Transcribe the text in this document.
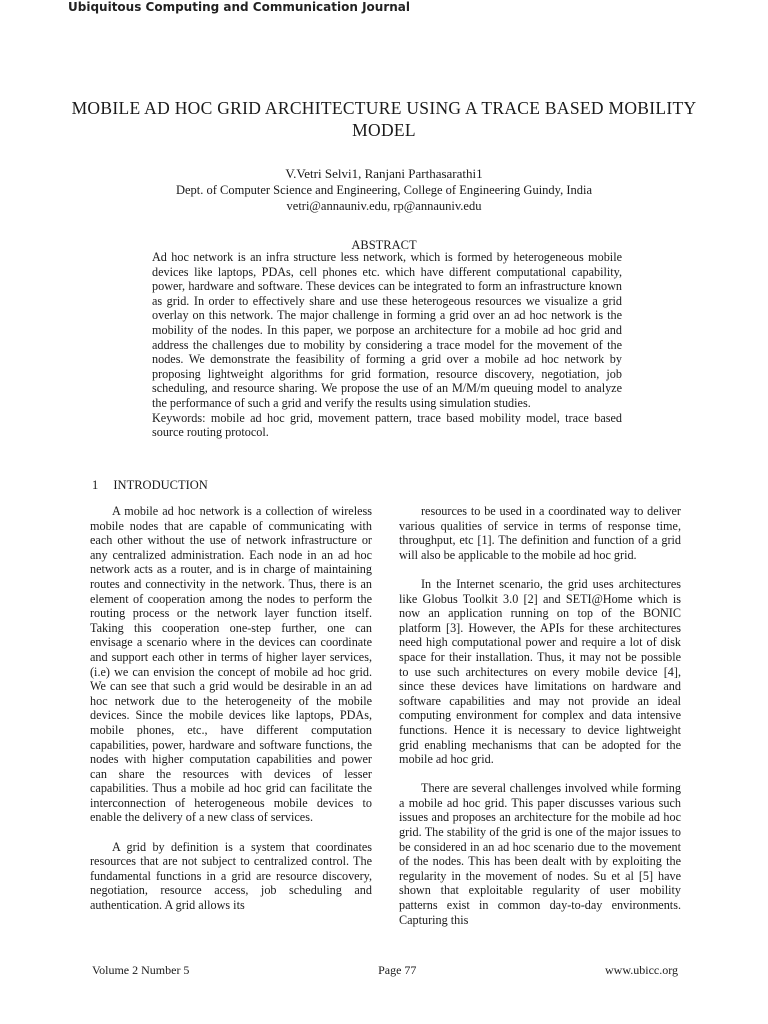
Ubiquitous Computing and Communication Journal
MOBILE AD HOC GRID ARCHITECTURE USING A TRACE BASED MOBILITY MODEL
V.Vetri Selvi1, Ranjani Parthasarathi1
Dept. of Computer Science and Engineering, College of Engineering Guindy, India
vetri@annauniv.edu, rp@annauniv.edu
ABSTRACT

Ad hoc network is an infra structure less network, which is formed by heterogeneous mobile devices like laptops, PDAs, cell phones etc. which have different computational capability, power, hardware and software. These devices can be integrated to form an infrastructure known as grid. In order to effectively share and use these heterogeous resources we visualize a grid overlay on this network. The major challenge in forming a grid over an ad hoc network is the mobility of the nodes. In this paper, we porpose an architecture for a mobile ad hoc grid and address the challenges due to mobility by considering a trace model for the movement of the nodes. We demonstrate the feasibility of forming a grid over a mobile ad hoc network by proposing lightweight algorithms for grid formation, resource discovery, negotiation, job scheduling, and resource sharing. We propose the use of an M/M/m queuing model to analyze the performance of such a grid and verify the results using simulation studies.

Keywords: mobile ad hoc grid, movement pattern, trace based mobility model, trace based source routing protocol.

1 INTRODUCTION

A mobile ad hoc network is a collection of wireless mobile nodes that are capable of communicating with each other without the use of network infrastructure or any centralized administration. Each node in an ad hoc network acts as a router, and is in charge of maintaining routes and connectivity in the network. Thus, there is an element of cooperation among the nodes to perform the routing process or the network layer function itself. Taking this cooperation one-step further, one can envisage a scenario where in the devices can coordinate and support each other in terms of higher layer services, (i.e) we can envision the concept of mobile ad hoc grid. We can see that such a grid would be desirable in an ad hoc network due to the heterogeneity of the mobile devices. Since the mobile devices like laptops, PDAs, mobile phones, etc., have different computation capabilities, power, hardware and software functions, the nodes with higher computation capabilities and power can share the resources with devices of lesser capabilities. Thus a mobile ad hoc grid can facilitate the interconnection of heterogeneous mobile devices to enable the delivery of a new class of services.

A grid by definition is a system that coordinates resources that are not subject to centralized control. The fundamental functions in a grid are resource discovery, negotiation, resource access, job scheduling and authentication. A grid allows its

resources to be used in a coordinated way to deliver various qualities of service in terms of response time, throughput, etc [1]. The definition and function of a grid will also be applicable to the mobile ad hoc grid.

In the Internet scenario, the grid uses architectures like Globus Toolkit 3.0 [2] and SETI@Home which is now an application running on top of the BONIC platform [3]. However, the APIs for these architectures need high computational power and require a lot of disk space for their installation. Thus, it may not be possible to use such architectures on every mobile device [4], since these devices have limitations on hardware and software capabilities and may not provide an ideal computing environment for complex and data intensive functions. Hence it is necessary to device lightweight grid enabling mechanisms that can be adopted for the mobile ad hoc grid.

There are several challenges involved while forming a mobile ad hoc grid. This paper discusses various such issues and proposes an architecture for the mobile ad hoc grid. The stability of the grid is one of the major issues to be considered in an ad hoc scenario due to the movement of the nodes. This has been dealt with by exploiting the regularity in the movement of nodes. Su et al [5] have shown that exploitable regularity of user mobility patterns exist in common day-to-day environments. Capturing this

Volume 2 Number 5	Page 77	www.ubicc.org
